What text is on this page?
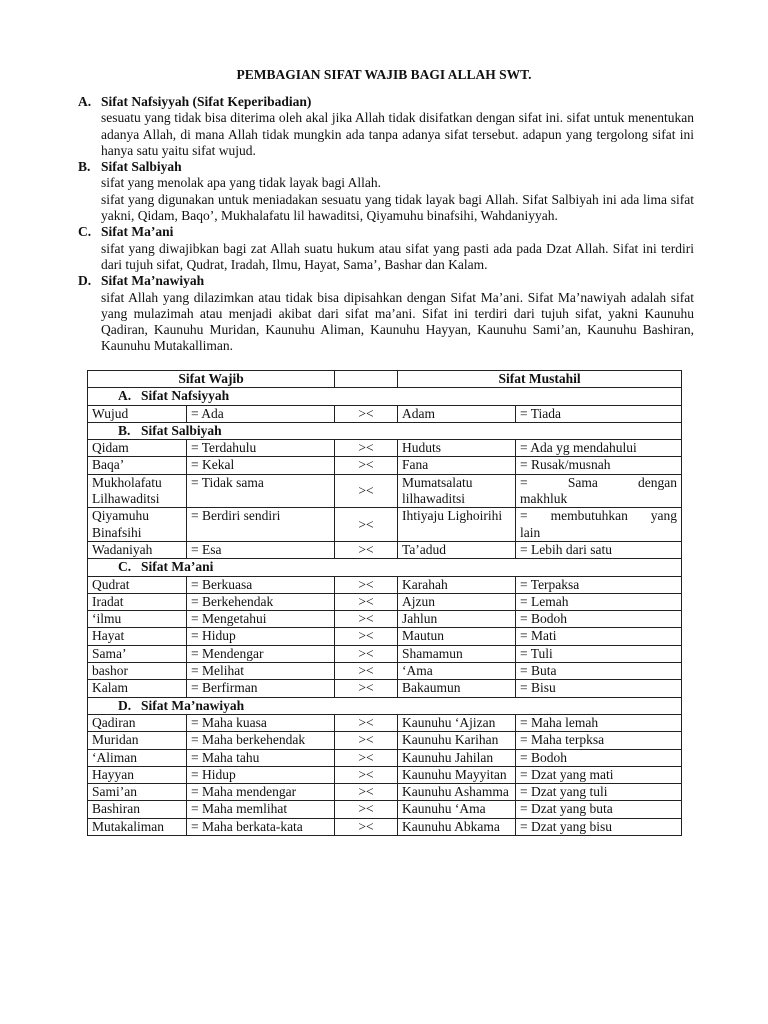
PEMBAGIAN SIFAT WAJIB BAGI ALLAH SWT.
A. Sifat Nafsiyyah (Sifat Keperibadian)

sesuatu yang tidak bisa diterima oleh akal jika Allah tidak disifatkan dengan sifat ini. sifat untuk menentukan adanya Allah, di mana Allah tidak mungkin ada tanpa adanya sifat tersebut. adapun yang tergolong sifat ini hanya satu yaitu sifat wujud.

B. Sifat Salbiyah

sifat yang menolak apa yang tidak layak bagi Allah.

sifat yang digunakan untuk meniadakan sesuatu yang tidak layak bagi Allah. Sifat Salbiyah ini ada lima sifat yakni, Qidam, Baqo’, Mukhalafatu lil hawaditsi, Qiyamuhu binafsihi, Wahdaniyyah.

C. Sifat Ma’ani

sifat yang diwajibkan bagi zat Allah suatu hukum atau sifat yang pasti ada pada Dzat Allah. Sifat ini terdiri dari tujuh sifat, Qudrat, Iradah, Ilmu, Hayat, Sama’, Bashar dan Kalam.

D. Sifat Ma’nawiyah

sifat Allah yang dilazimkan atau tidak bisa dipisahkan dengan Sifat Ma’ani. Sifat Ma’nawiyah adalah sifat yang mulazimah atau menjadi akibat dari sifat ma’ani. Sifat ini terdiri dari tujuh sifat, yakni Kaunuhu Qadiran, Kaunuhu Muridan, Kaunuhu Aliman, Kaunuhu Hayyan, Kaunuhu Sami’an, Kaunuhu Bashiran, Kaunuhu Mutakalliman.

Sifat Wajib			Sifat Mustahil	
A. Sifat Nafsiyyah				
Wujud	= Ada	><	Adam	= Tiada
B. Sifat Salbiyah				
Qidam	= Terdahulu	><	Huduts	= Ada yg mendahului
Baqa’	= Kekal	><	Fana	= Rusak/musnah
Mukholafatu Lilhawaditsi	= Tidak sama	><	Mumatsalatu lilhawaditsi	= Sama dengan
makhluk

Qiyamuhu Binafsihi	= Berdiri sendiri	><	Ihtiyaju Lighoirihi	= membutuhkan yang
lain

Wadaniyah	= Esa	><	Ta’adud	= Lebih dari satu
C. Sifat Ma’ani				
Qudrat	= Berkuasa	><	Karahah	= Terpaksa
Iradat	= Berkehendak	><	Ajzun	= Lemah
‘ilmu	= Mengetahui	><	Jahlun	= Bodoh
Hayat	= Hidup	><	Mautun	= Mati
Sama’	= Mendengar	><	Shamamun	= Tuli
bashor	= Melihat	><	‘Ama	= Buta
Kalam	= Berfirman	><	Bakaumun	= Bisu
D. Sifat Ma’nawiyah				
Qadiran	= Maha kuasa	><	Kaunuhu ‘Ajizan	= Maha lemah
Muridan	= Maha berkehendak	><	Kaunuhu Karihan	= Maha terpksa
‘Aliman	= Maha tahu	><	Kaunuhu Jahilan	= Bodoh
Hayyan	= Hidup	><	Kaunuhu Mayyitan	= Dzat yang mati
Sami’an	= Maha mendengar	><	Kaunuhu Ashamma	= Dzat yang tuli
Bashiran	= Maha memlihat	><	Kaunuhu ‘Ama	= Dzat yang buta
Mutakaliman	= Maha berkata-kata	><	Kaunuhu Abkama	= Dzat yang bisu
